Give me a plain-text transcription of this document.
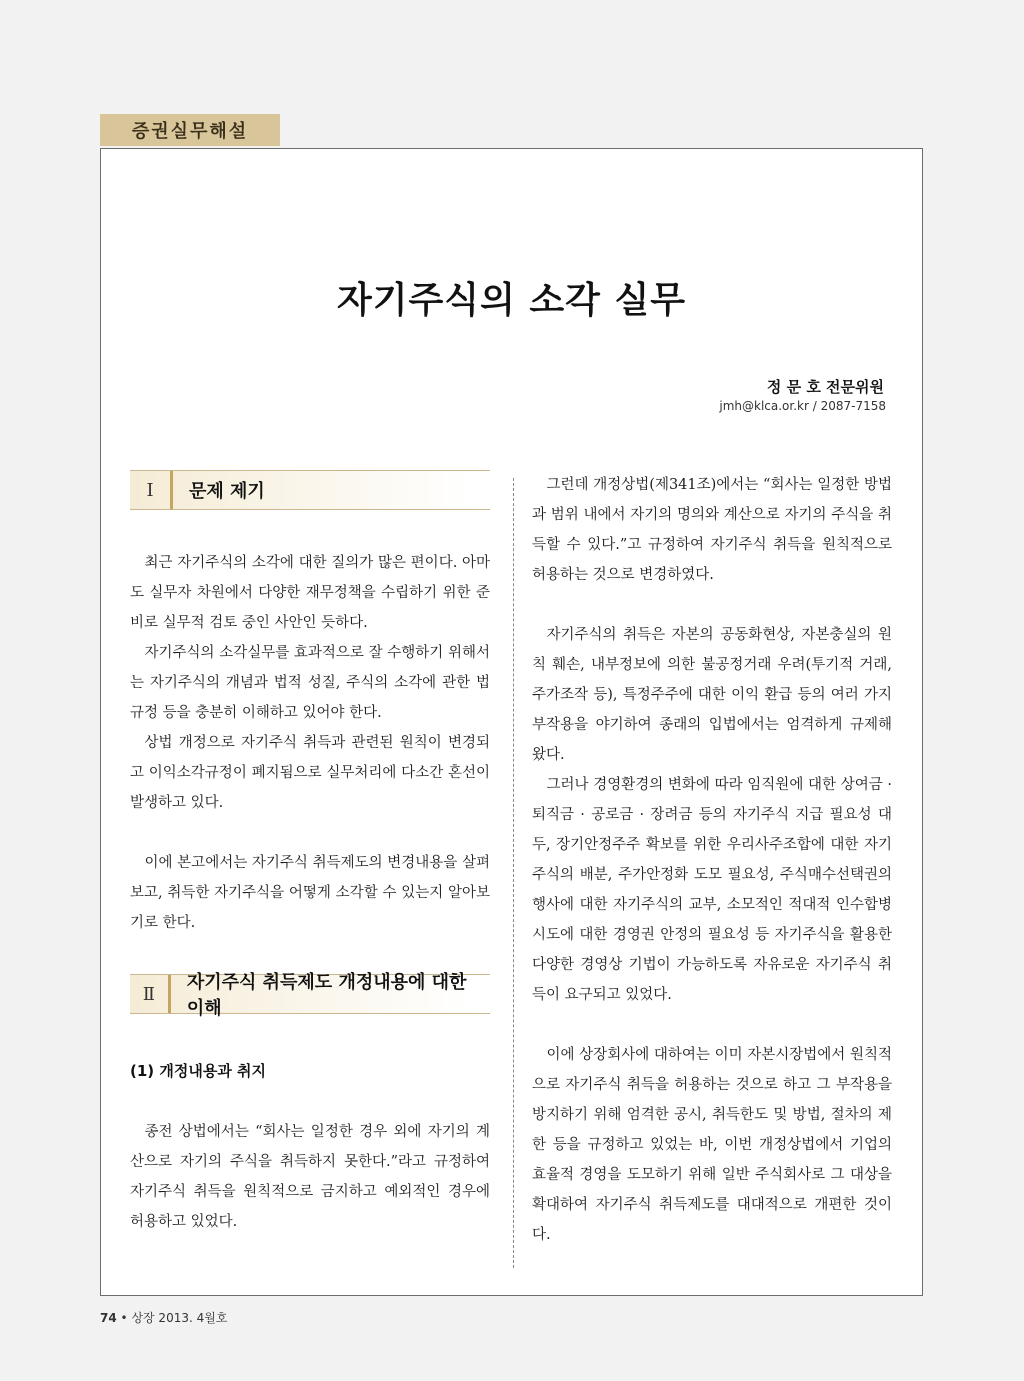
증권실무해설
자기주식의 소각 실무
정 문 호 전문위원
jmh@klca.or.kr / 2087-7158
Ⅰ	문제 제기

최근 자기주식의 소각에 대한 질의가 많은 편이다. 아마도 실무자 차원에서 다양한 재무정책을 수립하기 위한 준비로 실무적 검토 중인 사안인 듯하다.

자기주식의 소각실무를 효과적으로 잘 수행하기 위해서는 자기주식의 개념과 법적 성질, 주식의 소각에 관한 법규정 등을 충분히 이해하고 있어야 한다.

상법 개정으로 자기주식 취득과 관련된 원칙이 변경되고 이익소각규정이 폐지됨으로 실무처리에 다소간 혼선이 발생하고 있다.

이에 본고에서는 자기주식 취득제도의 변경내용을 살펴보고, 취득한 자기주식을 어떻게 소각할 수 있는지 알아보기로 한다.

Ⅱ
자기주식 취득제도 개정내용에 대한 이해
(1) 개정내용과 취지

종전 상법에서는 “회사는 일정한 경우 외에 자기의 계산으로 자기의 주식을 취득하지 못한다.”라고 규정하여 자기주식 취득을 원칙적으로 금지하고 예외적인 경우에 허용하고 있었다.

그런데 개정상법(제341조)에서는 “회사는 일정한 방법과 범위 내에서 자기의 명의와 계산으로 자기의 주식을 취득할 수 있다.”고 규정하여 자기주식 취득을 원칙적으로 허용하는 것으로 변경하였다.

자기주식의 취득은 자본의 공동화현상, 자본충실의 원칙 훼손, 내부정보에 의한 불공정거래 우려(투기적 거래, 주가조작 등), 특정주주에 대한 이익 환급 등의 여러 가지 부작용을 야기하여 종래의 입법에서는 엄격하게 규제해 왔다.

그러나 경영환경의 변화에 따라 임직원에 대한 상여금 · 퇴직금 · 공로금 · 장려금 등의 자기주식 지급 필요성 대두, 장기안정주주 확보를 위한 우리사주조합에 대한 자기주식의 배분, 주가안정화 도모 필요성, 주식매수선택권의 행사에 대한 자기주식의 교부, 소모적인 적대적 인수합병 시도에 대한 경영권 안정의 필요성 등 자기주식을 활용한 다양한 경영상 기법이 가능하도록 자유로운 자기주식 취득이 요구되고 있었다.

이에 상장회사에 대하여는 이미 자본시장법에서 원칙적으로 자기주식 취득을 허용하는 것으로 하고 그 부작용을 방지하기 위해 엄격한 공시, 취득한도 및 방법, 절차의 제한 등을 규정하고 있었는 바, 이번 개정상법에서 기업의 효율적 경영을 도모하기 위해 일반 주식회사로 그 대상을 확대하여 자기주식 취득제도를 대대적으로 개편한 것이다.

74 • 상장 2013. 4월호
